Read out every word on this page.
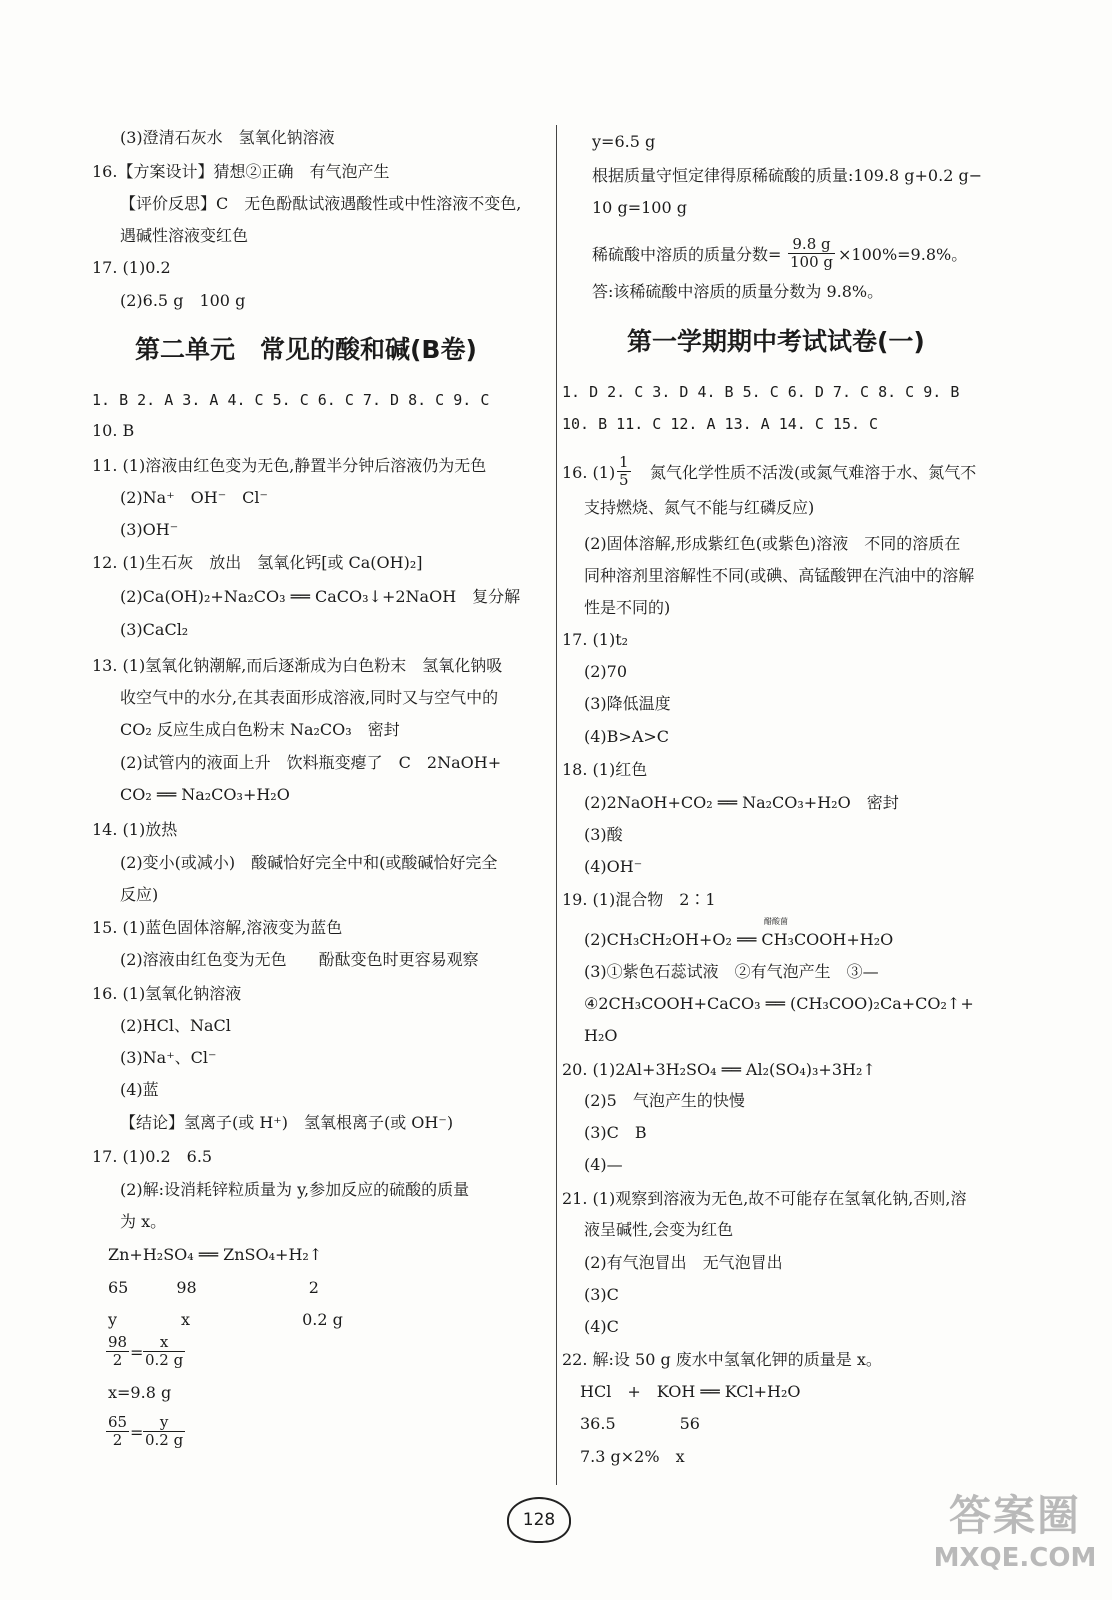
(3)澄清石灰水　氢氧化钠溶液
16.【方案设计】猜想②正确　有气泡产生
【评价反思】C　无色酚酞试液遇酸性或中性溶液不变色,
遇碱性溶液变红色
17. (1)0.2
(2)6.5 g　100 g
第二单元　常见的酸和碱(B卷)
1. B 2. A 3. A 4. C 5. C 6. C 7. D 8. C 9. C
10. B
11. (1)溶液由红色变为无色,静置半分钟后溶液仍为无色
(2)Na⁺　OH⁻　Cl⁻
(3)OH⁻
12. (1)生石灰　放出　氢氧化钙[或 Ca(OH)₂]
(2)Ca(OH)₂+Na₂CO₃ ══ CaCO₃↓+2NaOH　复分解
(3)CaCl₂
13. (1)氢氧化钠潮解,而后逐渐成为白色粉末　氢氧化钠吸
收空气中的水分,在其表面形成溶液,同时又与空气中的
CO₂ 反应生成白色粉末 Na₂CO₃　密封
(2)试管内的液面上升　饮料瓶变瘪了　C　2NaOH+
CO₂ ══ Na₂CO₃+H₂O
14. (1)放热
(2)变小(或减小)　酸碱恰好完全中和(或酸碱恰好完全
反应)
15. (1)蓝色固体溶解,溶液变为蓝色
(2)溶液由红色变为无色　　酚酞变色时更容易观察
16. (1)氢氧化钠溶液
(2)HCl、NaCl
(3)Na⁺、Cl⁻
(4)蓝
【结论】氢离子(或 H⁺)　氢氧根离子(或 OH⁻)
17. (1)0.2　6.5
(2)解:设消耗锌粒质量为 y,参加反应的硫酸的质量
为 x。
Zn+H₂SO₄ ══ ZnSO₄+H₂↑
65　　　98　　　　　　　2
y　　　　x　　　　　　　0.2 g
$\frac{98}{2} = \frac{x}{0.2 g}$
x=9.8 g
$\frac{65}{2} = \frac{y}{0.2 g}$
y=6.5 g
根据质量守恒定律得原稀硫酸的质量:109.8 g+0.2 g−
10 g=100 g
稀硫酸中溶质的质量分数= $\frac{9.8 g}{100 g} \times 100\%=9.8\%$。
答:该稀硫酸中溶质的质量分数为 9.8%。
第一学期期中考试试卷(一)
1. D 2. C 3. D 4. B 5. C 6. D 7. C 8. C 9. B
10. B 11. C 12. A 13. A 14. C 15. C
16. $(1) \frac{1}{5}$ 　氮气化学性质不活泼(或氮气难溶于水、氮气不
支持燃烧、氮气不能与红磷反应)
(2)固体溶解,形成紫红色(或紫色)溶液　不同的溶质在
同种溶剂里溶解性不同(或碘、高锰酸钾在汽油中的溶解
性是不同的)
17. (1)t₂
(2)70
(3)降低温度
(4)B>A>C
18. (1)红色
(2)2NaOH+CO₂ ══ Na₂CO₃+H₂O　密封
(3)酸
(4)OH⁻
19. (1)混合物　2∶1
醋酸菌
(2)CH₃CH₂OH+O₂ ══ CH₃COOH+H₂O
(3)①紫色石蕊试液　②有气泡产生　③—
④2CH₃COOH+CaCO₃ ══ (CH₃COO)₂Ca+CO₂↑+
H₂O
20. (1)2Al+3H₂SO₄ ══ Al₂(SO₄)₃+3H₂↑
(2)5　气泡产生的快慢
(3)C　B
(4)—
21. (1)观察到溶液为无色,故不可能存在氢氧化钠,否则,溶
液呈碱性,会变为红色
(2)有气泡冒出　无气泡冒出
(3)C
(4)C
22. 解:设 50 g 废水中氢氧化钾的质量是 x。
HCl　+　KOH ══ KCl+H₂O
36.5　　　　56
7.3 g×2%　x
128	答案圈
MXQE.COM
